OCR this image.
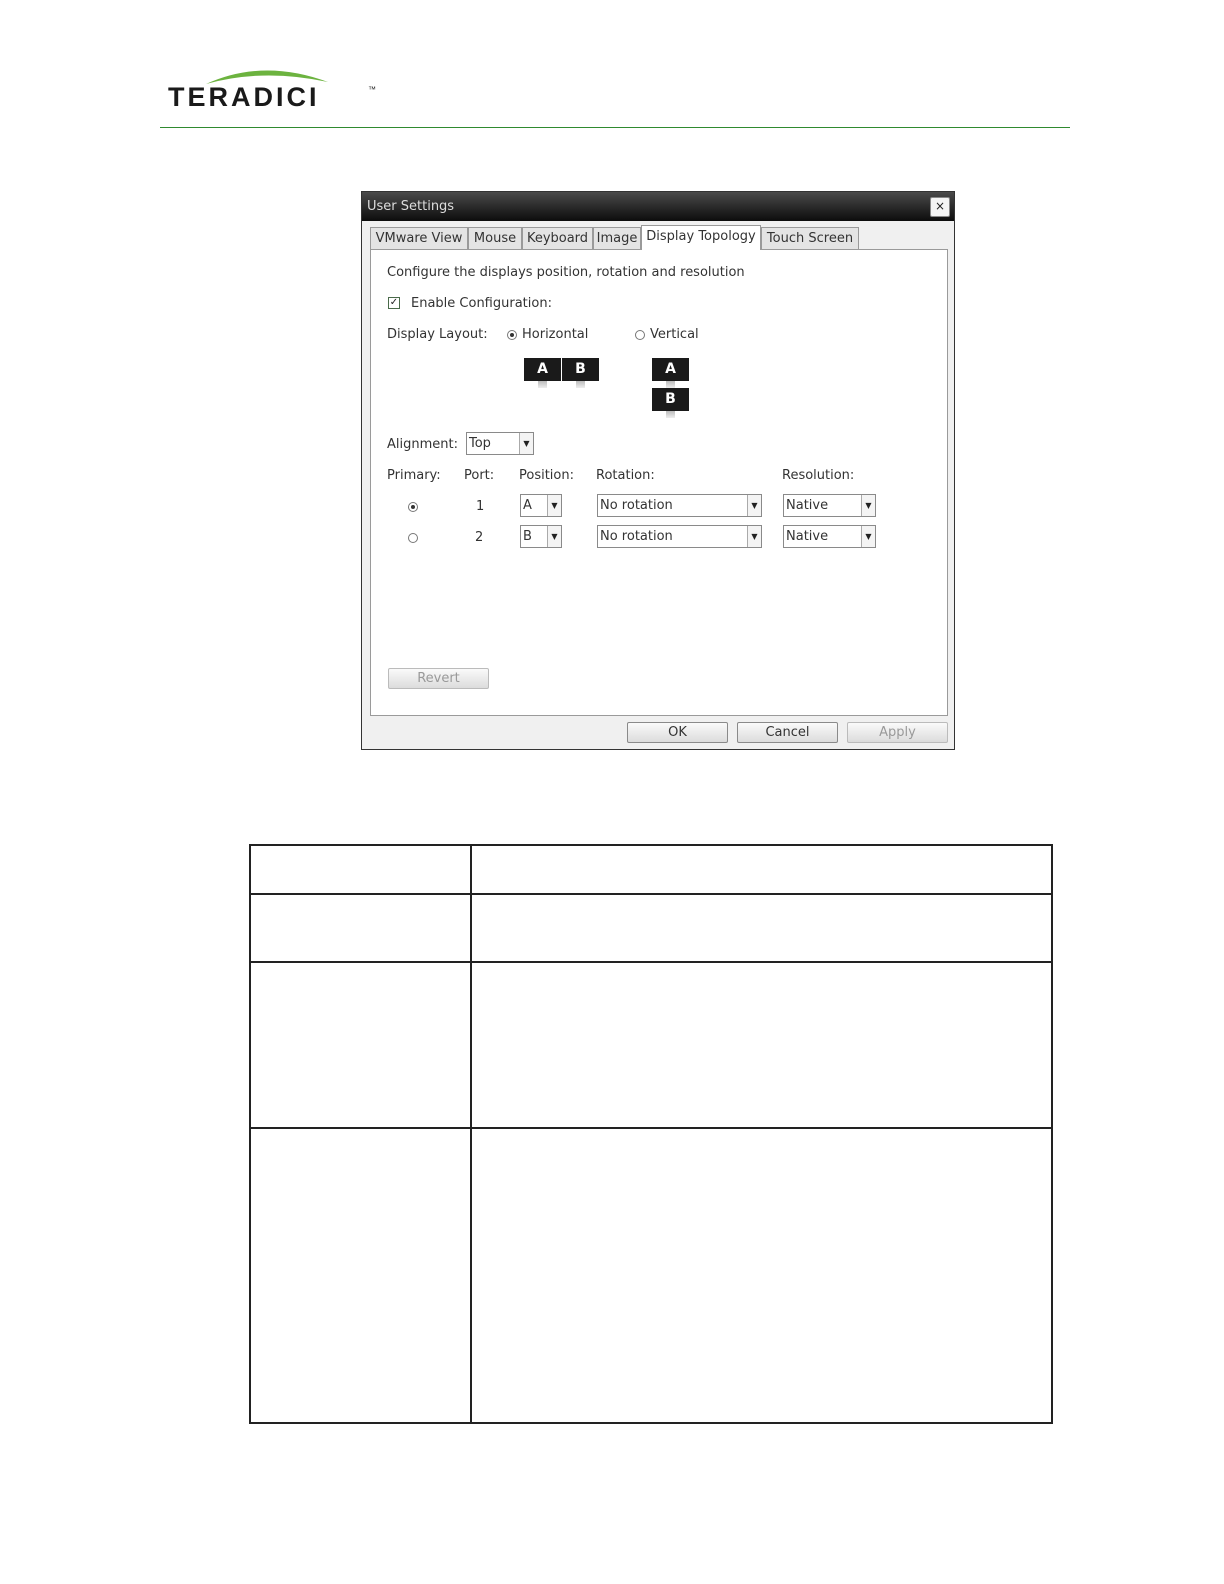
TERADICI	™
User Settings	×
VMware View Mouse Keyboard Image Display Topology Touch Screen
Configure the displays position, rotation and resolution
✓ Enable Configuration:
Display Layout:	Horizontal	Vertical
A	B	A
B
Alignment: Top	▼
Primary: Port: Position: Rotation:	Resolution:
1	A	▼	No rotation	▼ Native	▼
2	B	▼	No rotation	▼ Native	▼
Revert
OK	Cancel	Apply
